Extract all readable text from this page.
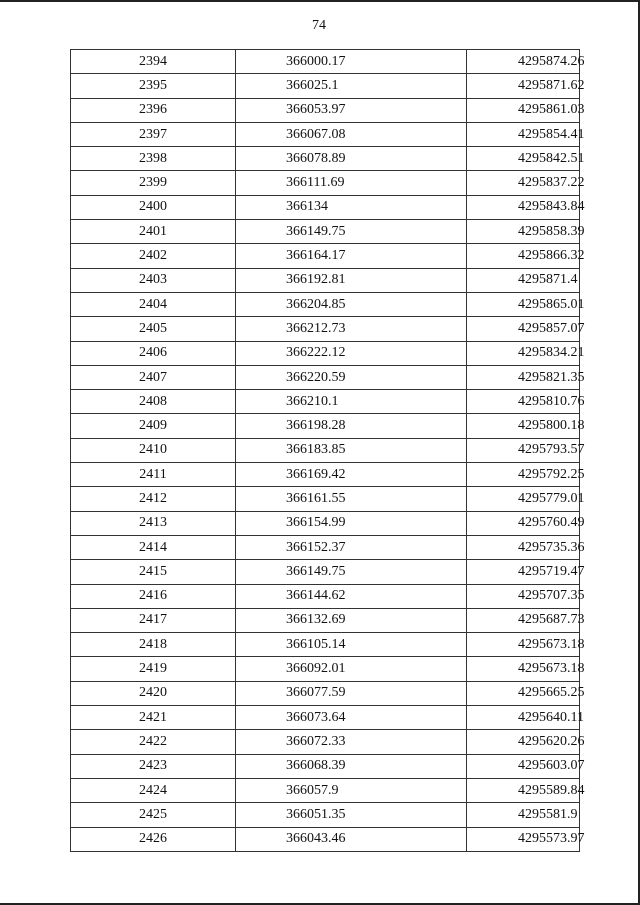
74
2394	366000.17	4295874.26
2395	366025.1	4295871.62
2396	366053.97	4295861.03
2397	366067.08	4295854.41
2398	366078.89	4295842.51
2399	366111.69	4295837.22
2400	366134	4295843.84
2401	366149.75	4295858.39
2402	366164.17	4295866.32
2403	366192.81	4295871.4
2404	366204.85	4295865.01
2405	366212.73	4295857.07
2406	366222.12	4295834.21
2407	366220.59	4295821.35
2408	366210.1	4295810.76
2409	366198.28	4295800.18
2410	366183.85	4295793.57
2411	366169.42	4295792.25
2412	366161.55	4295779.01
2413	366154.99	4295760.49
2414	366152.37	4295735.36
2415	366149.75	4295719.47
2416	366144.62	4295707.35
2417	366132.69	4295687.73
2418	366105.14	4295673.18
2419	366092.01	4295673.18
2420	366077.59	4295665.25
2421	366073.64	4295640.11
2422	366072.33	4295620.26
2423	366068.39	4295603.07
2424	366057.9	4295589.84
2425	366051.35	4295581.9
2426	366043.46	4295573.97
